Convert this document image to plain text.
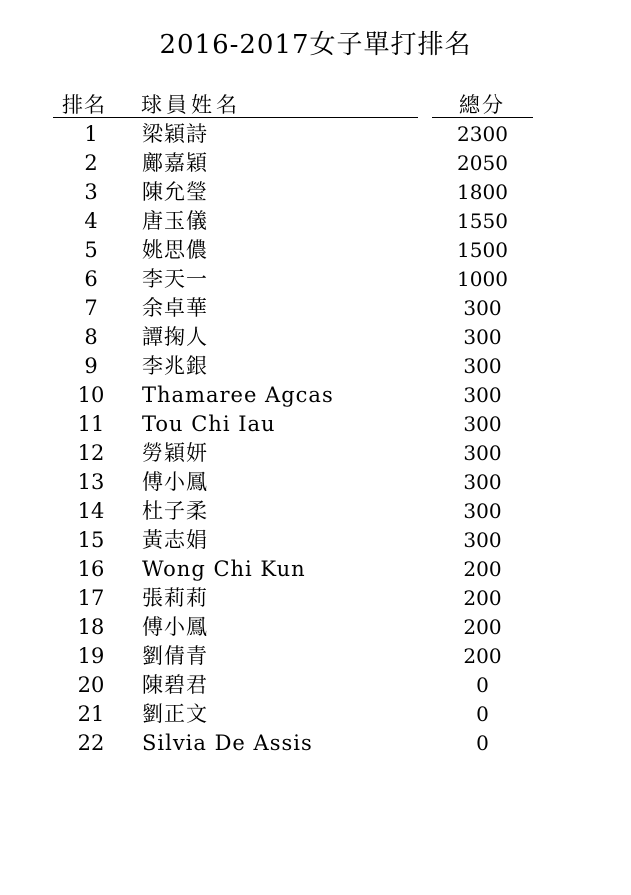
2016-2017女子單打排名
排名	球員姓名	總分
1	梁穎詩	2300
2	鄺嘉穎	2050
3	陳允瑩	1800
4	唐玉儀	1550
5	姚思儂	1500
6	李天一	1000
7	余卓華	300
8	譚掬人	300
9	李兆銀	300
10	Thamaree Agcas	300
11	Tou Chi Iau	300
12	勞穎妍	300
13	傅小鳳	300
14	杜子柔	300
15	黃志娟	300
16	Wong Chi Kun	200
17	張莉莉	200
18	傅小鳳	200
19	劉倩青	200
20	陳碧君	0
21	劉正文	0
22	Silvia De Assis	0
